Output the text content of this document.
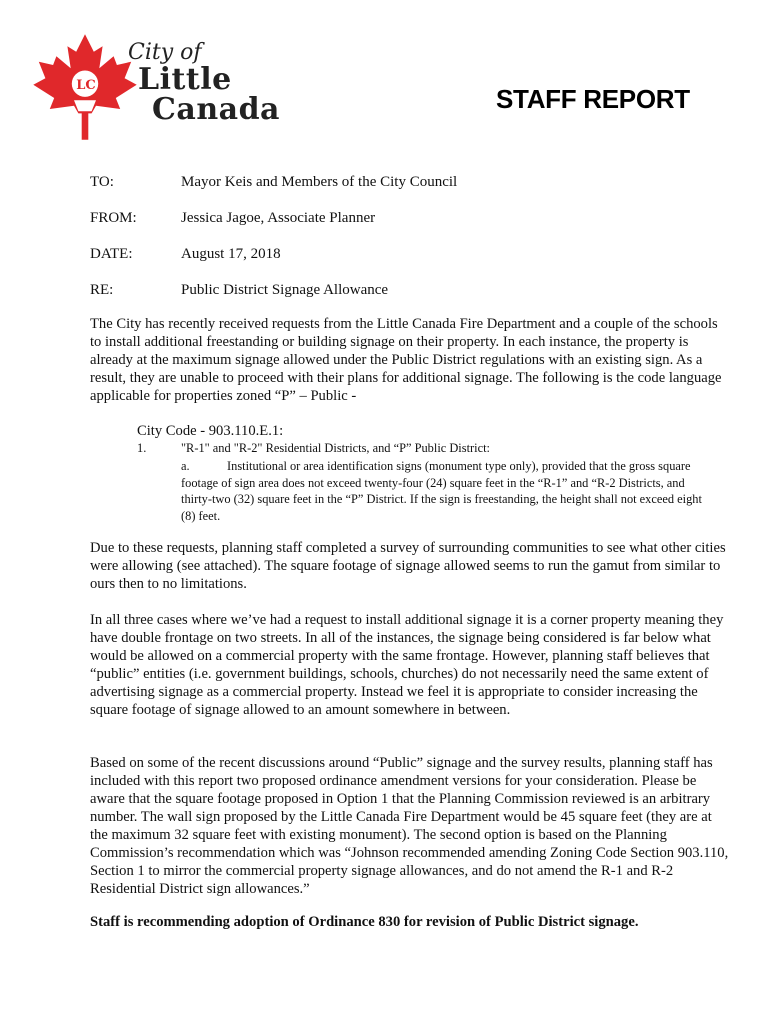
LC
City of
Little
Canada	STAFF REPORT
TO:	Mayor Keis and Members of the City Council
FROM:	Jessica Jagoe, Associate Planner
DATE:	August 17, 2018
RE:	Public District Signage Allowance

The City has recently received requests from the Little Canada Fire Department and a couple of the schools to install additional freestanding or building signage on their property. In each instance, the property is already at the maximum signage allowed under the Public District regulations with an existing sign. As a result, they are unable to proceed with their plans for additional signage. The following is the code language applicable for properties zoned “P” – Public -

City Code - 903.110.E.1:
1.	"R-1" and "R-2" Residential Districts, and “P” Public District:

a.	Institutional or area identification signs (monument type only), provided that the gross square footage of sign area does not exceed twenty-four (24) square feet in the “R-1” and “R-2 Districts, and thirty-two (32) square feet in the “P” District. If the sign is freestanding, the height shall not exceed eight (8) feet.

Due to these requests, planning staff completed a survey of surrounding communities to see what other cities were allowing (see attached). The square footage of signage allowed seems to run the gamut from similar to ours then to no limitations.

In all three cases where we’ve had a request to install additional signage it is a corner property meaning they have double frontage on two streets. In all of the instances, the signage being considered is far below what would be allowed on a commercial property with the same frontage. However, planning staff believes that “public” entities (i.e. government buildings, schools, churches) do not necessarily need the same extent of advertising signage as a commercial property. Instead we feel it is appropriate to consider increasing the square footage of signage allowed to an amount somewhere in between.

Based on some of the recent discussions around “Public” signage and the survey results, planning staff has included with this report two proposed ordinance amendment versions for your consideration. Please be aware that the square footage proposed in Option 1 that the Planning Commission reviewed is an arbitrary number. The wall sign proposed by the Little Canada Fire Department would be 45 square feet (they are at the maximum 32 square feet with existing monument). The second option is based on the Planning Commission’s recommendation which was “Johnson recommended amending Zoning Code Section 903.110, Section 1 to mirror the commercial property signage allowances, and do not amend the R-1 and R-2 Residential District sign allowances.”

Staff is recommending adoption of Ordinance 830 for revision of Public District signage.
